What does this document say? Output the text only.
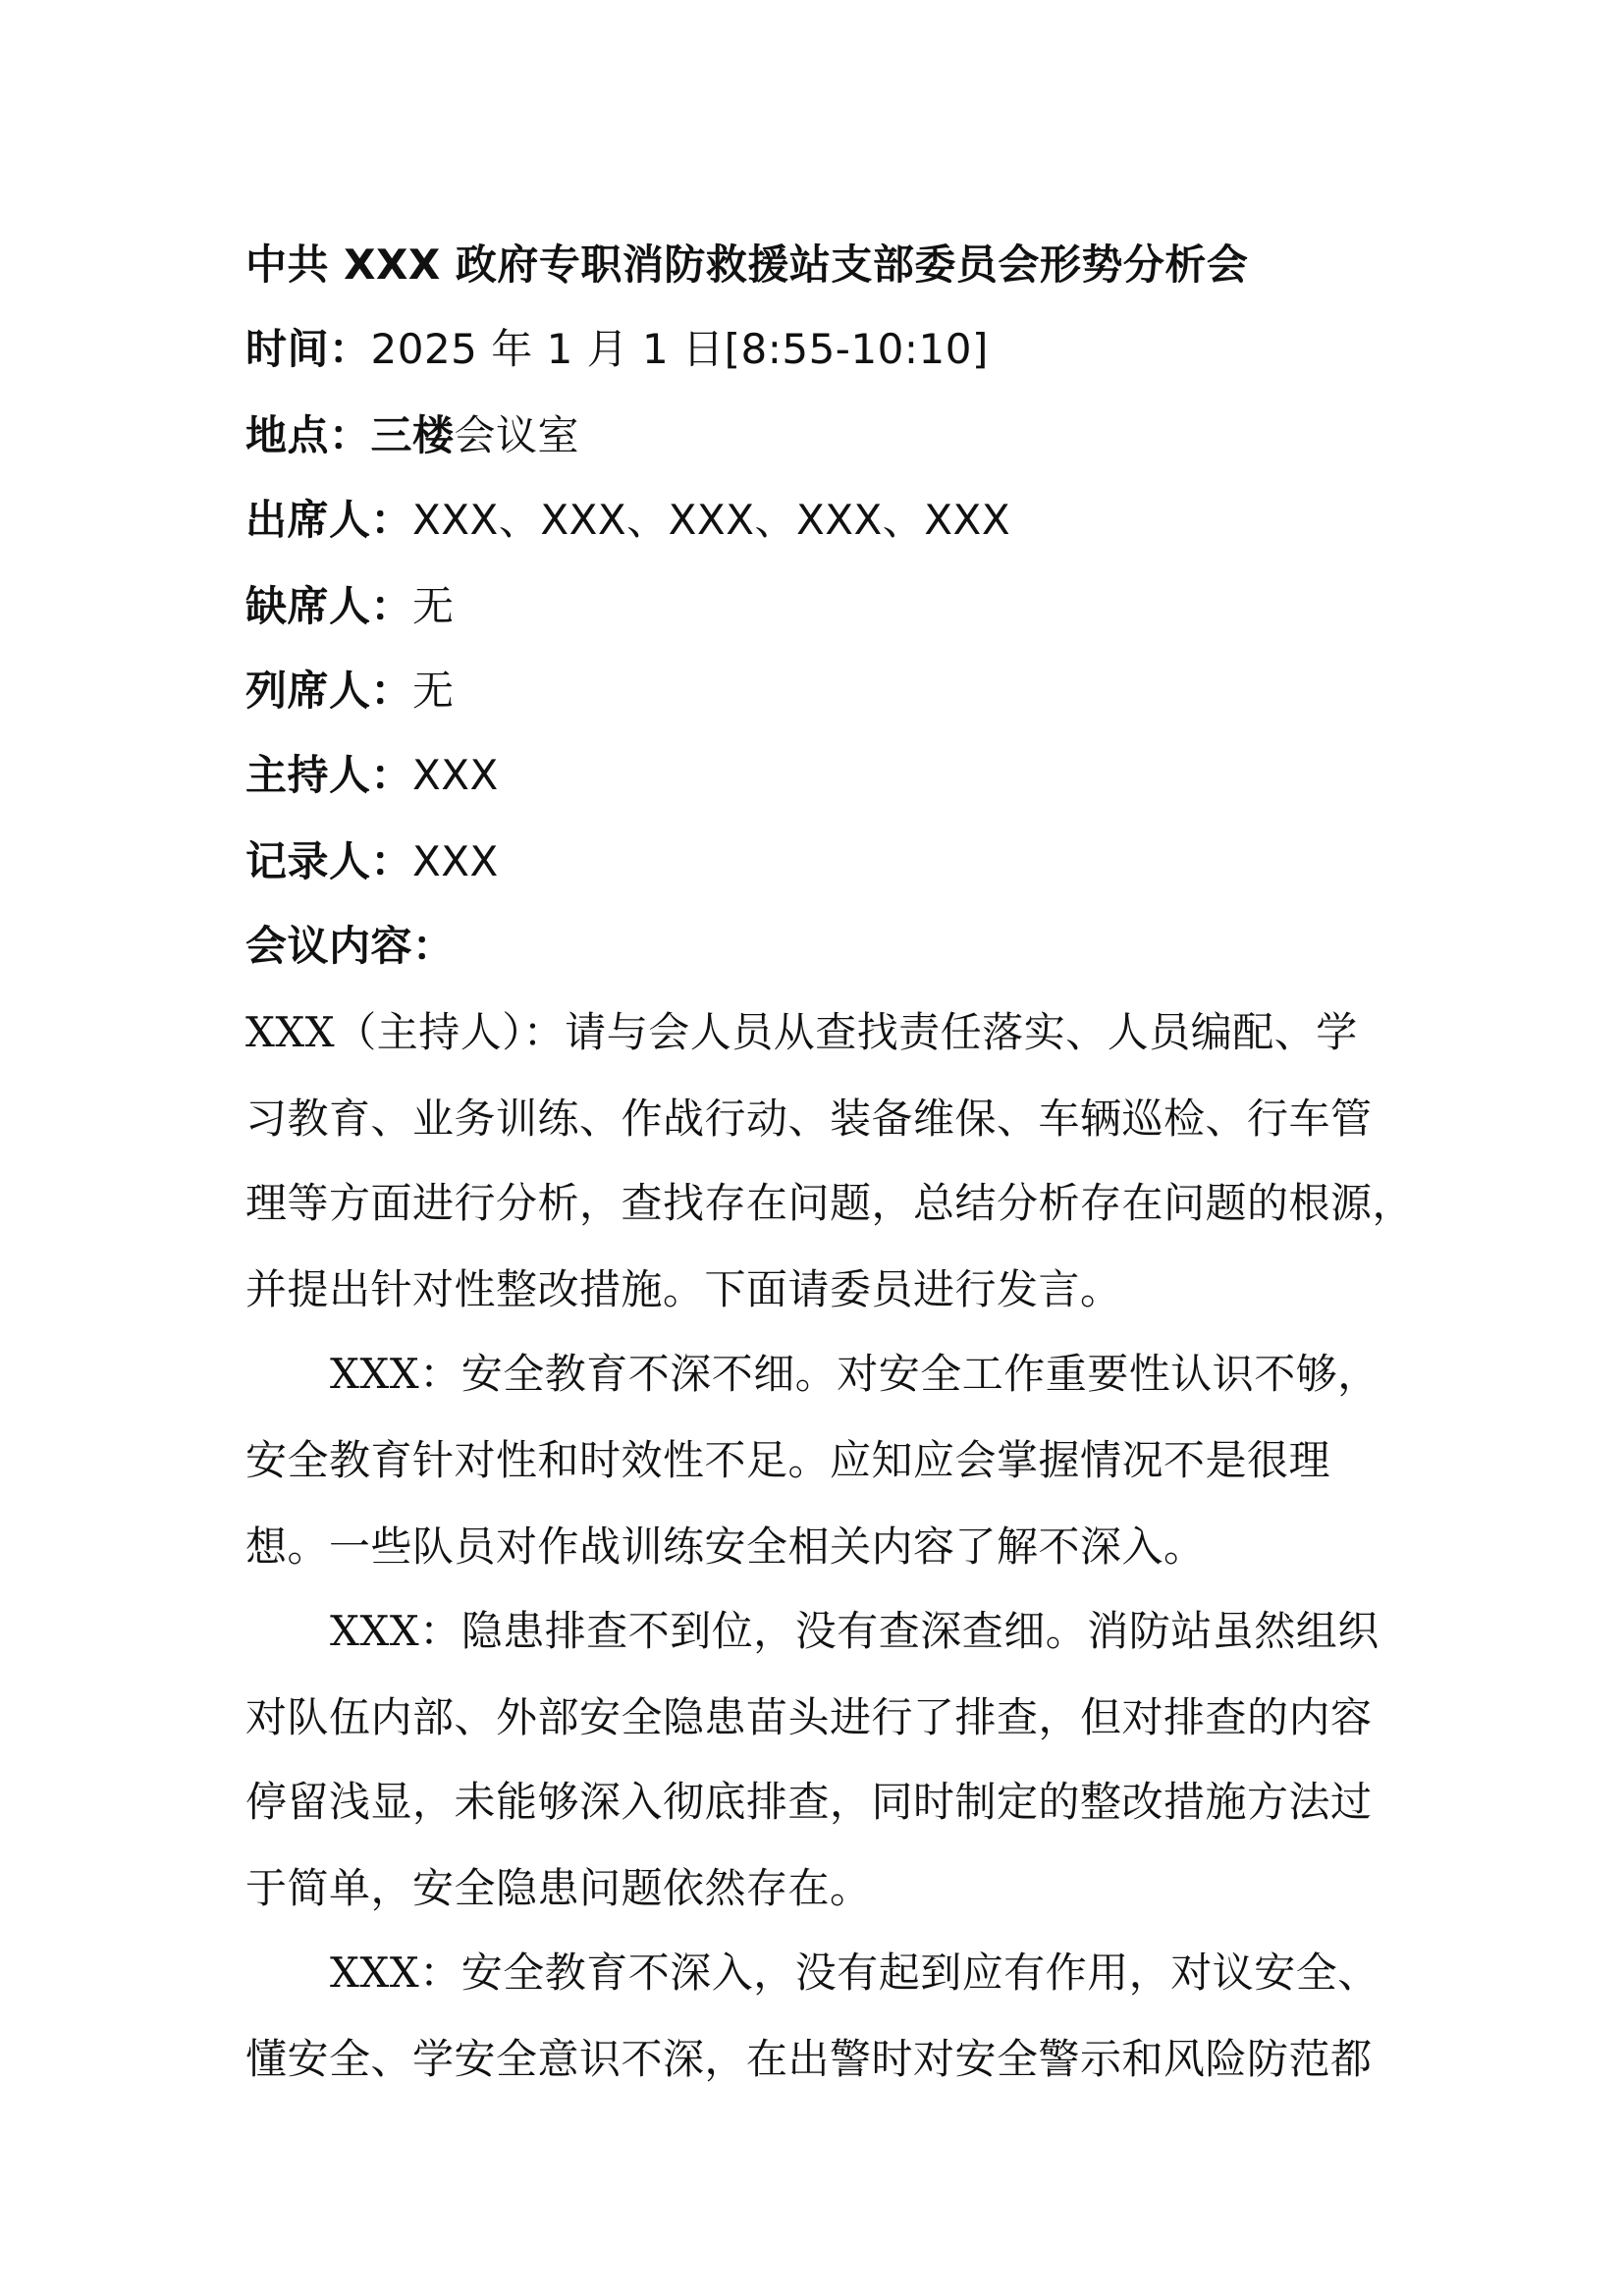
中共 XXX 政府专职消防救援站支部委员会形势分析会
时间：2025 年 1 月 1 日[8:55-10:10]
地点：三楼会议室
出席人：XXX、XXX、XXX、XXX、XXX
缺席人：无
列席人：无
主持人：XXX
记录人：XXX
会议内容：
XXX（主持人）：请与会人员从查找责任落实、人员编配、学
习教育、业务训练、作战行动、装备维保、车辆巡检、行车管
理等方面进行分析，查找存在问题，总结分析存在问题的根源，
并提出针对性整改措施。下面请委员进行发言。
XXX：安全教育不深不细。对安全工作重要性认识不够，
安全教育针对性和时效性不足。应知应会掌握情况不是很理
想。一些队员对作战训练安全相关内容了解不深入。
XXX：隐患排查不到位，没有查深查细。消防站虽然组织
对队伍内部、外部安全隐患苗头进行了排查，但对排查的内容
停留浅显，未能够深入彻底排查，同时制定的整改措施方法过
于简单，安全隐患问题依然存在。
XXX：安全教育不深入，没有起到应有作用，对议安全、
懂安全、学安全意识不深，在出警时对安全警示和风险防范都
